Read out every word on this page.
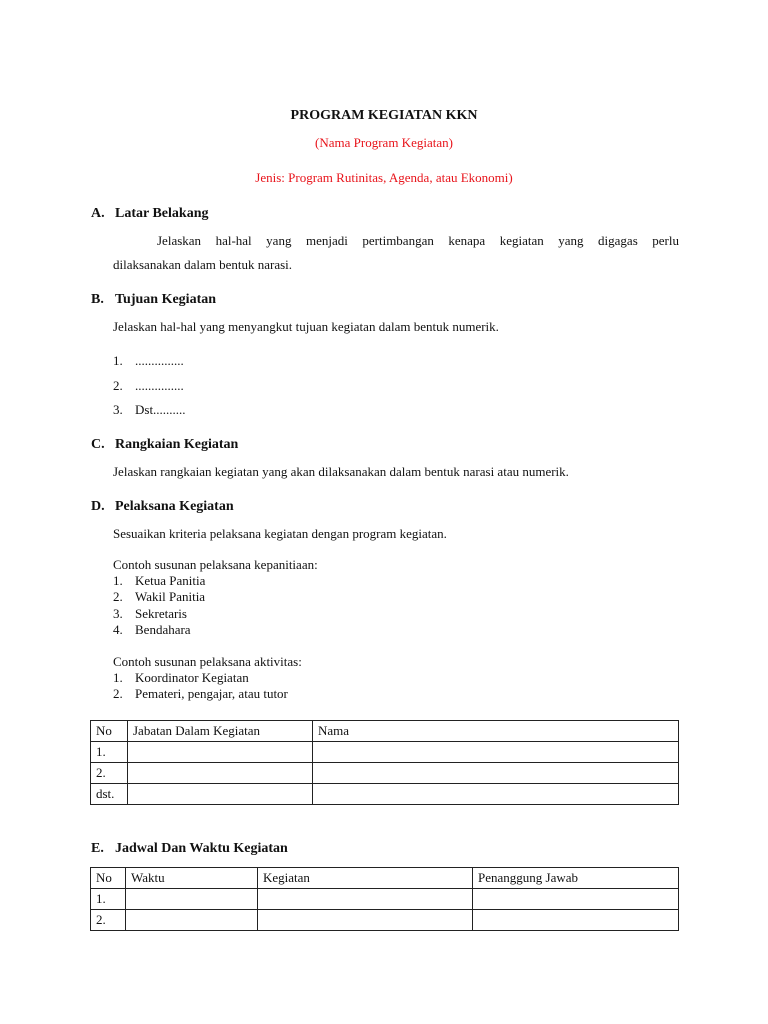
PROGRAM KEGIATAN KKN
(Nama Program Kegiatan)
Jenis: Program Rutinitas, Agenda, atau Ekonomi)
A. Latar Belakang
Jelaskan hal-hal yang menjadi pertimbangan kenapa kegiatan yang digagas perlu
dilaksanakan dalam bentuk narasi.
B. Tujuan Kegiatan
Jelaskan hal-hal yang menyangkut tujuan kegiatan dalam bentuk numerik.
1. ...............
2. ...............
3. Dst..........
C. Rangkaian Kegiatan
Jelaskan rangkaian kegiatan yang akan dilaksanakan dalam bentuk narasi atau numerik.
D. Pelaksana Kegiatan
Sesuaikan kriteria pelaksana kegiatan dengan program kegiatan.
Contoh susunan pelaksana kepanitiaan:
1. Ketua Panitia
2. Wakil Panitia
3. Sekretaris
4. Bendahara
Contoh susunan pelaksana aktivitas:
1. Koordinator Kegiatan
2. Pemateri, pengajar, atau tutor
No	Jabatan Dalam Kegiatan	Nama
1.		
2.		
dst.		
E. Jadwal Dan Waktu Kegiatan
No	Waktu	Kegiatan	Penanggung Jawab
1.			
2.			
